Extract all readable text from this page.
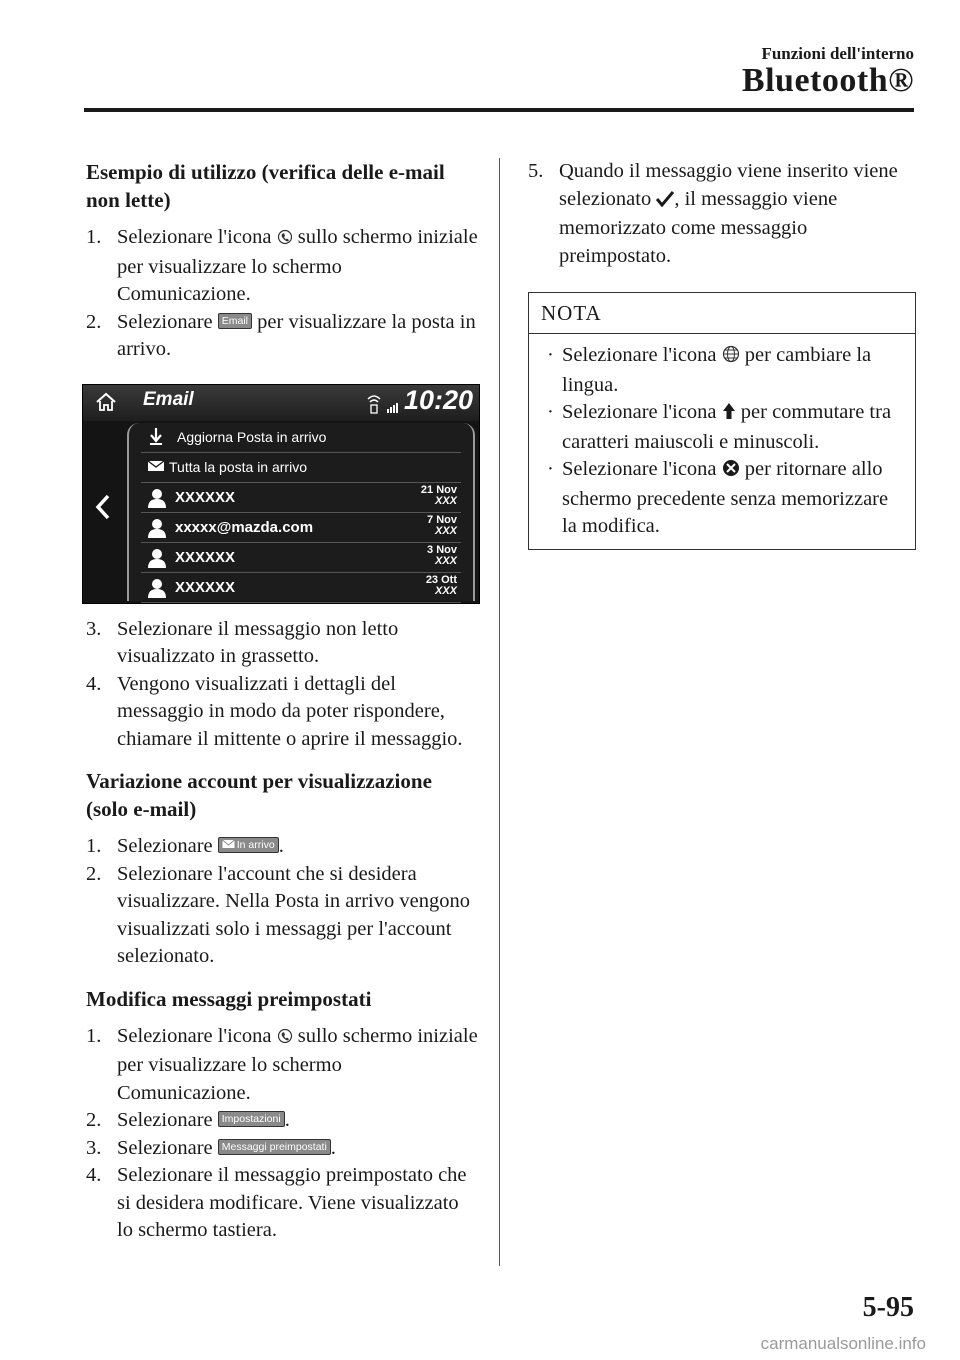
Funzioni dell'interno
Bluetooth®
Esempio di utilizzo (verifica delle e-mail non lette)
1. Selezionare l'icona  sullo schermo iniziale per visualizzare lo schermo Comunicazione.
2. Selezionare Email per visualizzare la posta in arrivo.
Email	10:20
Aggiorna Posta in arrivo
Tutta la posta in arrivo
XXXXXX	21 Nov
XXX
xxxxx@mazda.com	7 Nov
XXX
XXXXXX	3 Nov
XXX
XXXXXX	23 Ott
XXX
3. Selezionare il messaggio non letto visualizzato in grassetto.
4. Vengono visualizzati i dettagli del messaggio in modo da poter rispondere, chiamare il mittente o aprire il messaggio.
Variazione account per visualizzazione (solo e-mail)
1. Selezionare In arrivo .
2. Selezionare l'account che si desidera visualizzare. Nella Posta in arrivo vengono visualizzati solo i messaggi per l'account selezionato.
Modifica messaggi preimpostati
1. Selezionare l'icona  sullo schermo iniziale per visualizzare lo schermo Comunicazione.
2. Selezionare Impostazioni .
3. Selezionare Messaggi preimpostati .
4. Selezionare il messaggio preimpostato che si desidera modificare. Viene visualizzato lo schermo tastiera.
5. Quando il messaggio viene inserito viene selezionato , il messaggio viene memorizzato come messaggio preimpostato.
NOTA
· Selezionare l'icona  per cambiare la lingua.
· Selezionare l'icona  per commutare tra caratteri maiuscoli e minuscoli.
· Selezionare l'icona  per ritornare allo schermo precedente senza memorizzare la modifica.
5-95
carmanualsonline.info
